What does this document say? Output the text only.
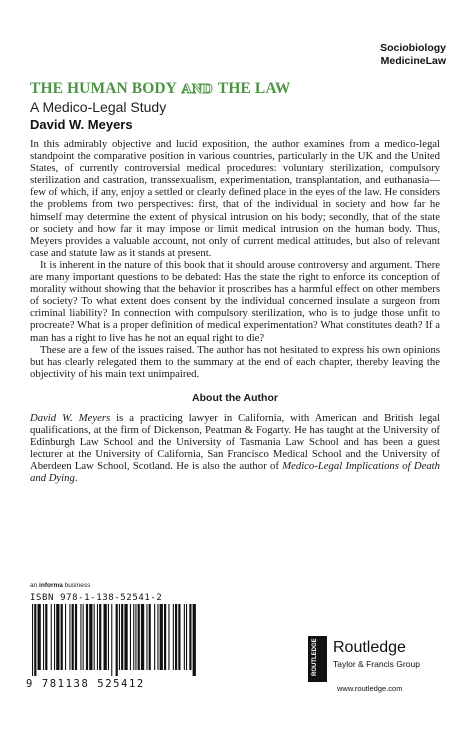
Sociobiology
MedicineLaw
THE HUMAN BODY AND THE LAW
A Medico-Legal Study
David W. Meyers

In this admirably objective and lucid exposition, the author examines from a medico-legal standpoint the comparative position in various countries, particularly in the UK and the United States, of currently controversial medical procedures: voluntary sterilization, compulsory sterilization and castration, transsexualism, experimentation, transplantation, and euthanasia—few of which, if any, enjoy a settled or clearly defined place in the eyes of the law. He considers the problems from two perspectives: first, that of the individual in society and how far he himself may determine the extent of physical intrusion on his body; secondly, that of the state or society and how far it may impose or limit medical intrusion on the human body. Thus, Meyers provides a valuable account, not only of current medical attitudes, but also of relevant case and statute law as it stands at present.

It is inherent in the nature of this book that it should arouse controversy and argument. There are many important questions to be debated: Has the state the right to enforce its conception of morality without showing that the behavior it proscribes has a harmful effect on other members of society? To what extent does consent by the individual concerned insulate a surgeon from criminal liability? In connection with compulsory sterilization, who is to judge those unfit to procreate? What is a proper definition of medical experimentation? What constitutes death? If a man has a right to live has he not an equal right to die?

These are a few of the issues raised. The author has not hesitated to express his own opinions but has clearly relegated them to the summary at the end of each chapter, thereby leaving the objectivity of his main text unimpaired.

About the Author

David W. Meyers is a practicing lawyer in California, with American and British legal qualifications, at the firm of Dickenson, Peatman & Fogarty. He has taught at the University of Edinburgh Law School and the University of Tasmania Law School and has been a guest lecturer at the University of California, San Francisco Medical School and the University of Aberdeen Law School, Scotland. He is also the author of Medico-Legal Implications of Death and Dying.

an informa business
ISBN 978-1-138-52541-2
9 781138 525412
ROUTLEDGE Routledge
Taylor & Francis Group
www.routledge.com
